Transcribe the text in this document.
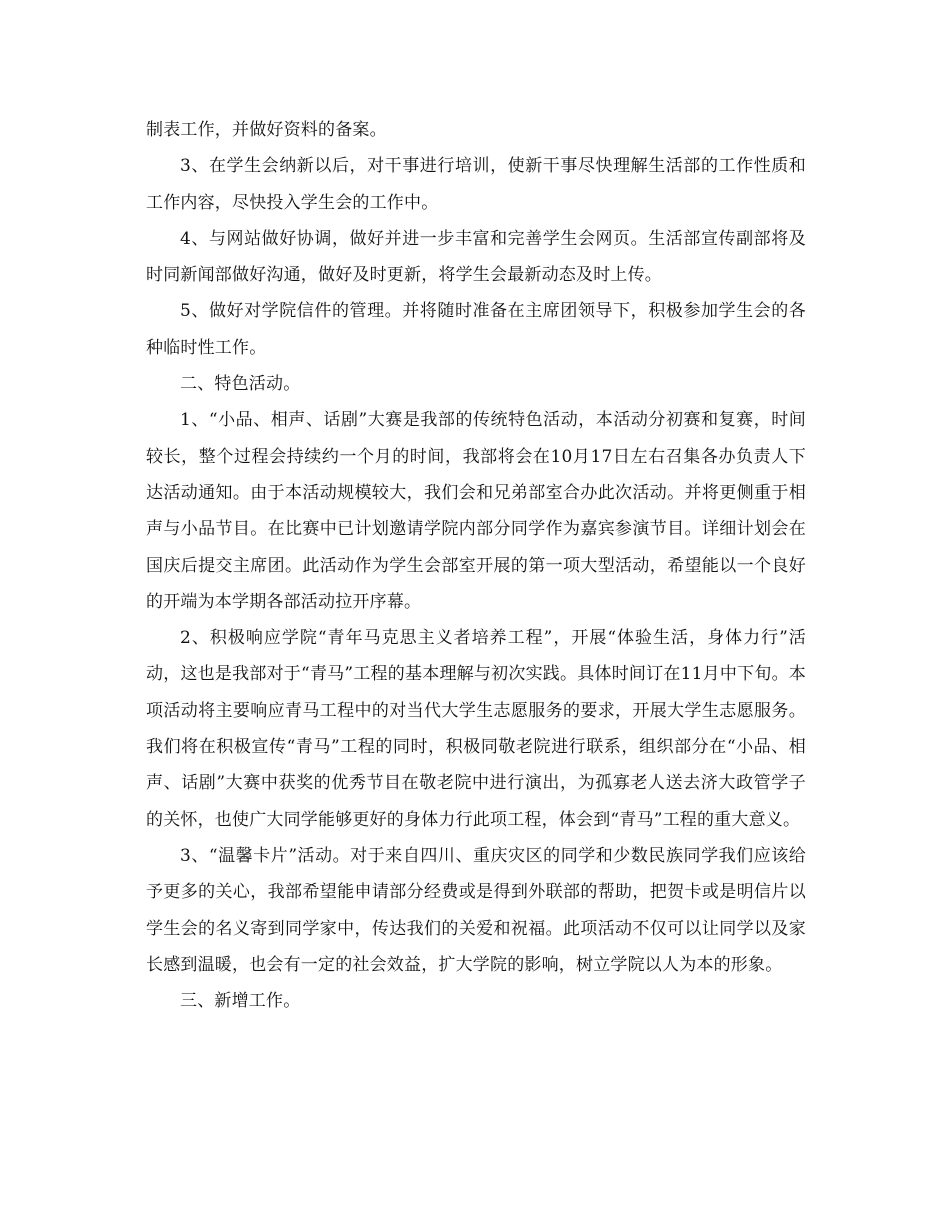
制表工作，并做好资料的备案。

3、在学生会纳新以后，对干事进行培训，使新干事尽快理解生活部的工作性质和工作内容，尽快投入学生会的工作中。

4、与网站做好协调，做好并进一步丰富和完善学生会网页。生活部宣传副部将及时同新闻部做好沟通，做好及时更新，将学生会最新动态及时上传。

5、做好对学院信件的管理。并将随时准备在主席团领导下，积极参加学生会的各种临时性工作。

二、特色活动。

1、“小品、相声、话剧”大赛是我部的传统特色活动，本活动分初赛和复赛，时间较长，整个过程会持续约一个月的时间，我部将会在10月17日左右召集各办负责人下达活动通知。由于本活动规模较大，我们会和兄弟部室合办此次活动。并将更侧重于相声与小品节目。在比赛中已计划邀请学院内部分同学作为嘉宾参演节目。详细计划会在国庆后提交主席团。此活动作为学生会部室开展的第一项大型活动，希望能以一个良好的开端为本学期各部活动拉开序幕。

2、积极响应学院“青年马克思主义者培养工程”，开展“体验生活，身体力行”活动，这也是我部对于“青马”工程的基本理解与初次实践。具体时间订在11月中下旬。本项活动将主要响应青马工程中的对当代大学生志愿服务的要求，开展大学生志愿服务。我们将在积极宣传“青马”工程的同时，积极同敬老院进行联系，组织部分在“小品、相声、话剧”大赛中获奖的优秀节目在敬老院中进行演出，为孤寡老人送去济大政管学子的关怀，也使广大同学能够更好的身体力行此项工程，体会到“青马”工程的重大意义。

3、“温馨卡片”活动。对于来自四川、重庆灾区的同学和少数民族同学我们应该给予更多的关心，我部希望能申请部分经费或是得到外联部的帮助，把贺卡或是明信片以学生会的名义寄到同学家中，传达我们的关爱和祝福。此项活动不仅可以让同学以及家长感到温暖，也会有一定的社会效益，扩大学院的影响，树立学院以人为本的形象。

三、新增工作。
